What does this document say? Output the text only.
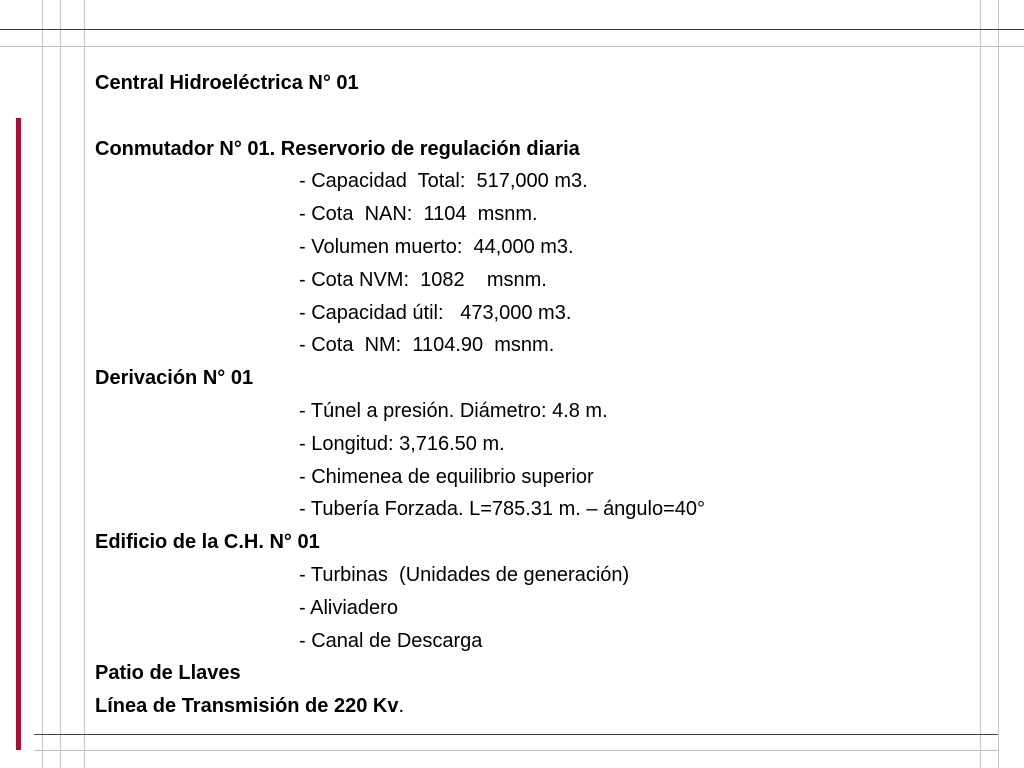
Central Hidroeléctrica N° 01
Conmutador N° 01. Reservorio de regulación diaria
- Capacidad  Total:  517,000 m3.
- Cota  NAN:  1104  msnm.
- Volumen muerto:  44,000 m3.
- Cota NVM:  1082    msnm.
- Capacidad útil:   473,000 m3.
- Cota  NM:  1104.90  msnm.
Derivación N° 01
- Túnel a presión. Diámetro: 4.8 m.
- Longitud: 3,716.50 m.
- Chimenea de equilibrio superior
- Tubería Forzada. L=785.31 m. – ángulo=40°
Edificio de la C.H. N° 01
- Turbinas  (Unidades de generación)
- Aliviadero
- Canal de Descarga
Patio de Llaves
Línea de Transmisión de 220 Kv.
